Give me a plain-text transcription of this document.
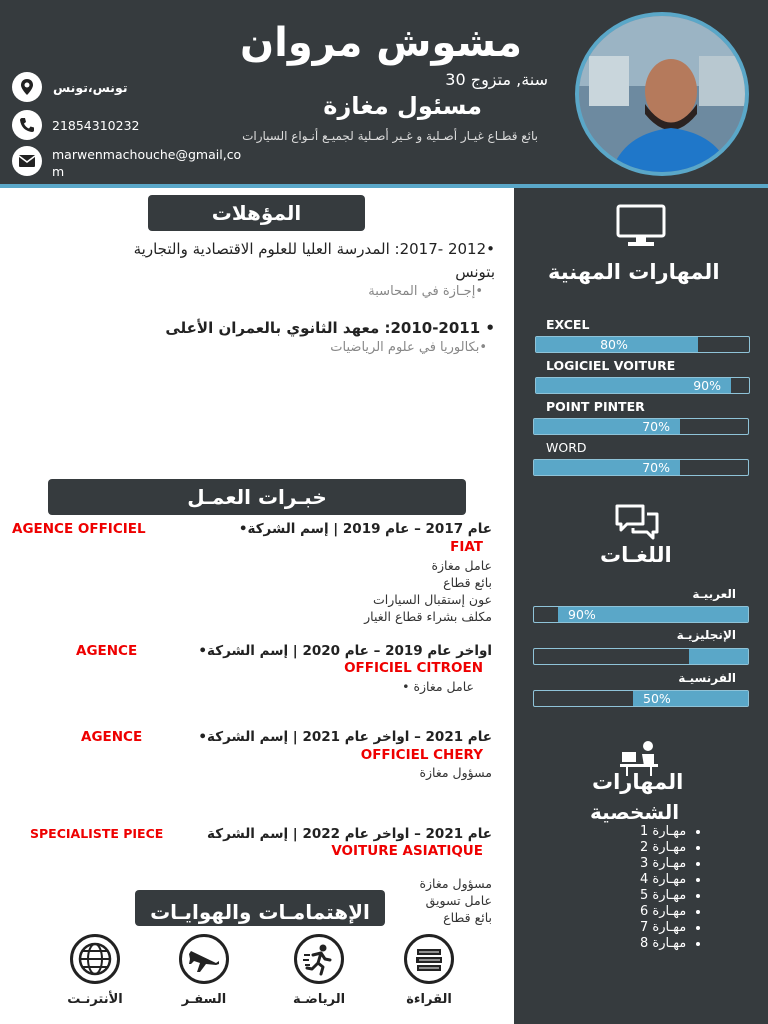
مشوش مروان
30 سنة, متزوج
مسئول مغازة
بائع قطـاع غيـار أصـلية و غـير أصـلية لجميـع أنـواع السيارات
تونس،تونس
21854310232
marwenmachouche@gmail,com
المهارات المهنية
EXCEL
80%
LOGICIEL VOITURE
90%
POINT PINTER
70%
WORD
70%
اللغـات
العربيـة
90%
الإنجليزيـة
الفرنسيـة
50%
المهارات
الشخصية
• مهـارة 1
• مهـارة 2
• مهـارة 3
• مهـارة 4
• مهـارة 5
• مهـارة 6
• مهـارة 7
• مهـارة 8
المؤهلات
•2012 -2017: المدرسة العليا للعلوم الاقتصادية والتجارية
بتونس
•إجـازة في المحاسبة
• 2010-2011: معهد الثانوي بالعمران الأعلى
•بكالوريا في علوم الرياضيات
خبـرات العمـل
•عام 2017 – عام 2019 | إسم الشركة
AGENCE OFFICIEL
FIAT
عامل مغازة
بائع قطاع
عون إستقبال السيارات
مكلف بشراء قطاع الغيار
•اواخر عام 2019 – عام 2020 | إسم الشركة
AGENCE
OFFICIEL CITROEN
• عامل مغازة
•عام 2021 – اواخر عام 2021 | إسم الشركة
AGENCE
OFFICIEL CHERY
مسؤول مغازة
عام 2021 – اواخر عام 2022 | إسم الشركة
SPECIALISTE PIECE
VOITURE ASIATIQUE
مسؤول مغازة
عامل تسويق
بائع قطاع
الإهتمامـات والهوايـات
الأنترنـت	السفـر	الرياضـة	القراءة
